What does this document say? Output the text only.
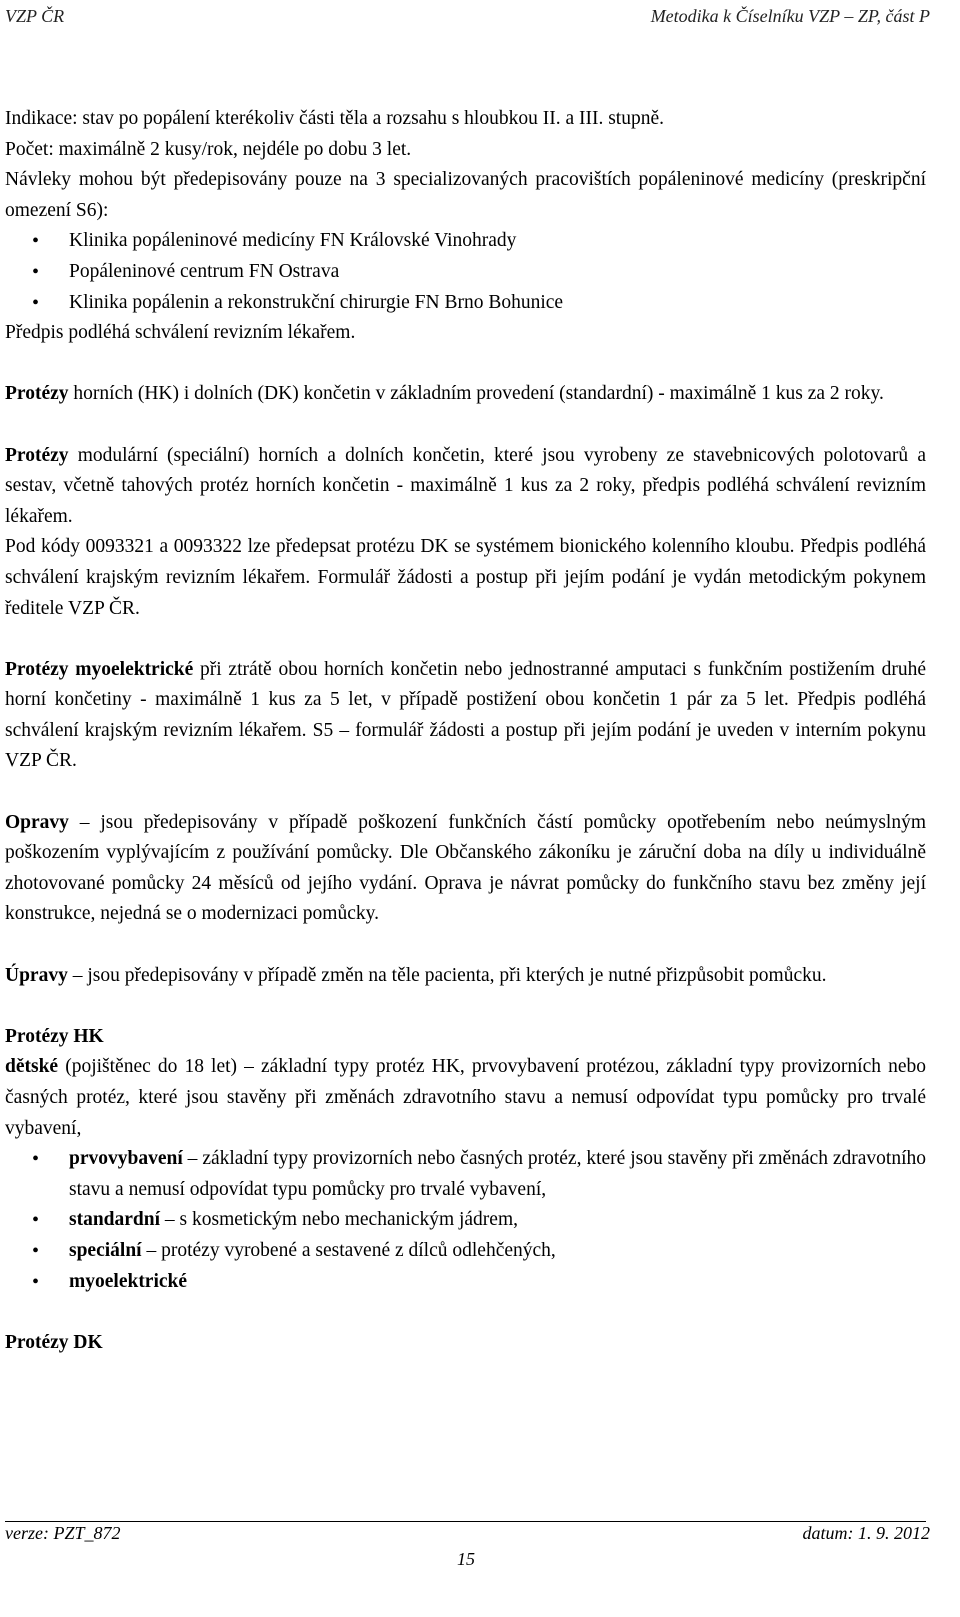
VZP ČR	Metodika k Číselníku VZP – ZP, část P

Indikace: stav po popálení kterékoliv části těla a rozsahu s hloubkou II. a III. stupně.

Počet: maximálně 2 kusy/rok, nejdéle po dobu 3 let.

Návleky mohou být předepisovány pouze na 3 specializovaných pracovištích popáleninové medicíny (preskripční omezení S6):

• Klinika popáleninové medicíny FN Královské Vinohrady
• Popáleninové centrum FN Ostrava
• Klinika popálenin a rekonstrukční chirurgie FN Brno Bohunice

Předpis podléhá schválení revizním lékařem.

Protézy horních (HK) i dolních (DK) končetin v základním provedení (standardní) - maximálně 1 kus za 2 roky.

Protézy modulární (speciální) horních a dolních končetin, které jsou vyrobeny ze stavebnicových polotovarů a sestav, včetně tahových protéz horních končetin - maximálně 1 kus za 2 roky, předpis podléhá schválení revizním lékařem.

Pod kódy 0093321 a 0093322 lze předepsat protézu DK se systémem bionického kolenního kloubu. Předpis podléhá schválení krajským revizním lékařem. Formulář žádosti a postup při jejím podání je vydán metodickým pokynem ředitele VZP ČR.

Protézy myoelektrické při ztrátě obou horních končetin nebo jednostranné amputaci s funkčním postižením druhé horní končetiny - maximálně 1 kus za 5 let, v případě postižení obou končetin 1 pár za 5 let. Předpis podléhá schválení krajským revizním lékařem. S5 – formulář žádosti a postup při jejím podání je uveden v interním pokynu VZP ČR.

Opravy – jsou předepisovány v případě poškození funkčních částí pomůcky opotřebením nebo neúmyslným poškozením vyplývajícím z používání pomůcky. Dle Občanského zákoníku je záruční doba na díly u individuálně zhotovované pomůcky 24 měsíců od jejího vydání. Oprava je návrat pomůcky do funkčního stavu bez změny její konstrukce, nejedná se o modernizaci pomůcky.

Úpravy – jsou předepisovány v případě změn na těle pacienta, při kterých je nutné přizpůsobit pomůcku.

Protézy HK

dětské (pojištěnec do 18 let) – základní typy protéz HK, prvovybavení protézou, základní typy provizorních nebo časných protéz, které jsou stavěny při změnách zdravotního stavu a nemusí odpovídat typu pomůcky pro trvalé vybavení,

• prvovybavení – základní typy provizorních nebo časných protéz, které jsou stavěny při změnách zdravotního stavu a nemusí odpovídat typu pomůcky pro trvalé vybavení,
• standardní – s kosmetickým nebo mechanickým jádrem,
• speciální – protézy vyrobené a sestavené z dílců odlehčených,
• myoelektrické

Protézy DK

verze: PZT_872	datum: 1. 9. 2012
15
